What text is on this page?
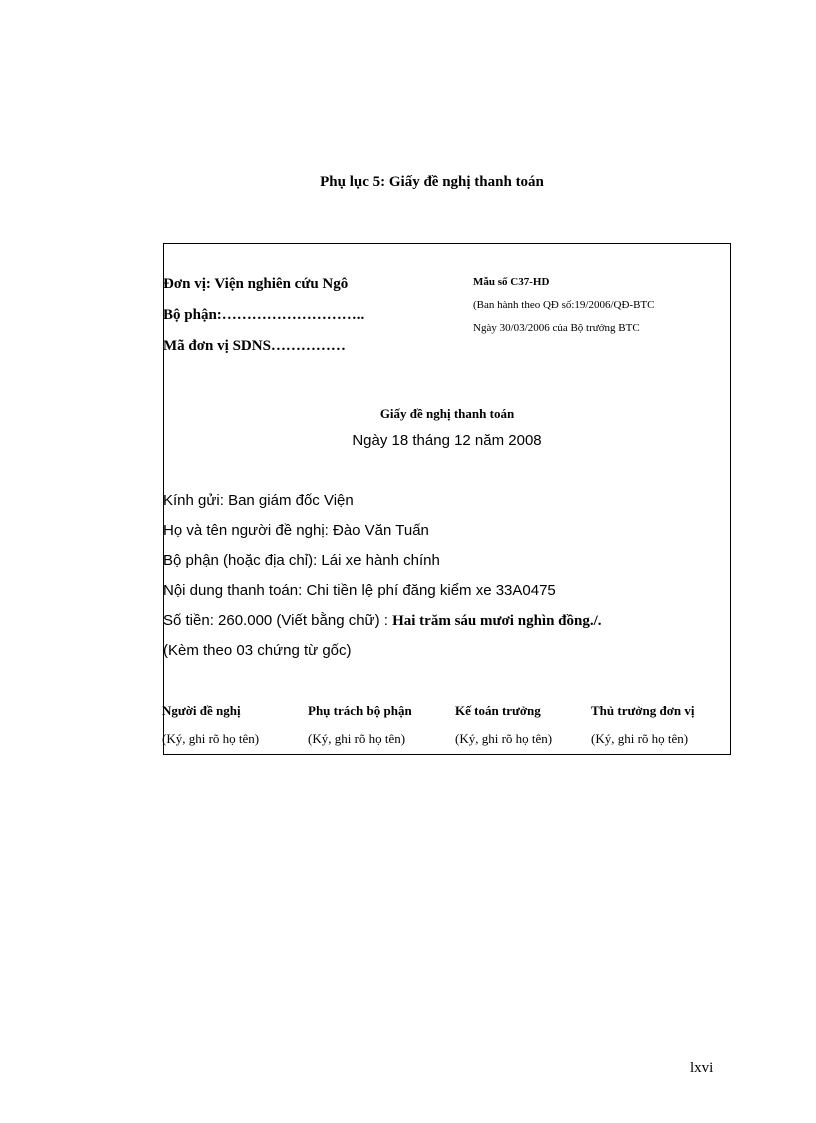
Phụ lục 5: Giấy đề nghị thanh toán
Đơn vị: Viện nghiên cứu Ngô
Bộ phận:………………………..
Mã đơn vị SDNS……………
Mẫu số C37-HD
(Ban hành theo QĐ số:19/2006/QĐ-BTC
Ngày 30/03/2006 của Bộ trưởng BTC
Giấy đề nghị thanh toán
Ngày 18 tháng 12 năm 2008
Kính gửi: Ban giám đốc Viện
Họ và tên người đề nghị: Đào Văn Tuấn
Bộ phận (hoặc địa chỉ): Lái xe hành chính
Nội dung thanh toán: Chi tiền lệ phí đăng kiểm xe 33A0475
Số tiền: 260.000 (Viết bằng chữ) : Hai trăm sáu mươi nghìn đồng./.
(Kèm theo 03 chứng từ gốc)
Người đề nghị	Phụ trách bộ phận	Kế toán trưởng	Thủ trưởng đơn vị
(Ký, ghi rõ họ tên)	(Ký, ghi rõ họ tên)	(Ký, ghi rõ họ tên)	(Ký, ghi rõ họ tên)
lxvi
